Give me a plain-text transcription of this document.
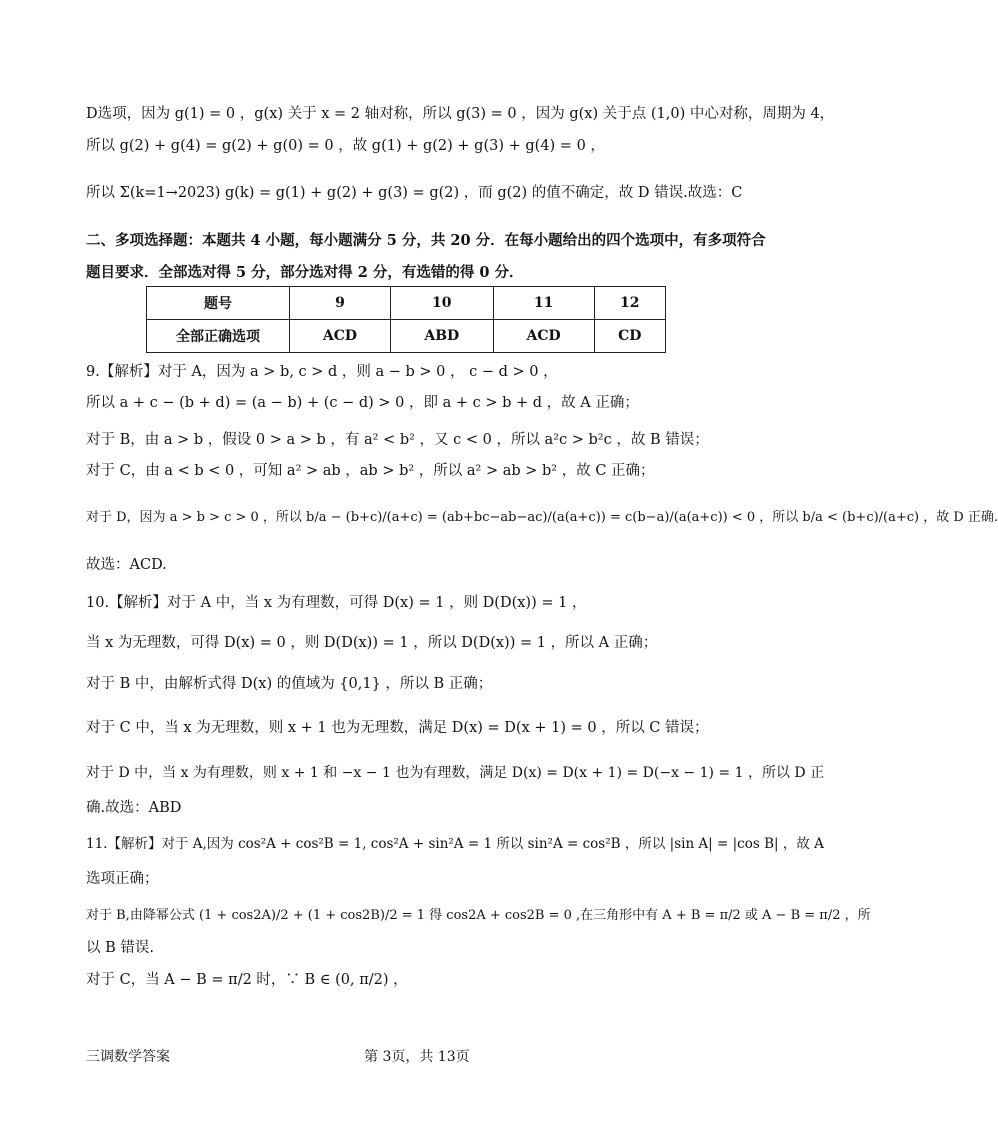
D选项，因为 g(1) = 0 ，g(x) 关于 x = 2 轴对称，所以 g(3) = 0 ，因为 g(x) 关于点 (1,0) 中心对称，周期为 4，
所以 g(2) + g(4) = g(2) + g(0) = 0 ，故 g(1) + g(2) + g(3) + g(4) = 0 ，
所以 Σ(k=1→2023) g(k) = g(1) + g(2) + g(3) = g(2) ，而 g(2) 的值不确定，故 D 错误.故选：C
二、多项选择题：本题共 4 小题，每小题满分 5 分，共 20 分．在每小题给出的四个选项中，有多项符合
题目要求．全部选对得 5 分，部分选对得 2 分，有选错的得 0 分．
题号	9	10	11	12
全部正确选项	ACD	ABD	ACD	CD
9.【解析】对于 A，因为 a > b, c > d ，则 a − b > 0 ， c − d > 0 ，
所以 a + c − (b + d) = (a − b) + (c − d) > 0 ，即 a + c > b + d ，故 A 正确；
对于 B，由 a > b ，假设 0 > a > b ，有 a² < b² ，又 c < 0 ，所以 a²c > b²c ，故 B 错误；
对于 C，由 a < b < 0 ，可知 a² > ab ，ab > b² ，所以 a² > ab > b² ，故 C 正确；
对于 D，因为 a > b > c > 0 ，所以 b/a − (b+c)/(a+c) = (ab+bc−ab−ac)/(a(a+c)) = c(b−a)/(a(a+c)) < 0 ，所以 b/a < (b+c)/(a+c) ，故 D 正确.
故选：ACD.
10.【解析】对于 A 中，当 x 为有理数，可得 D(x) = 1 ，则 D(D(x)) = 1 ，
当 x 为无理数，可得 D(x) = 0 ，则 D(D(x)) = 1 ，所以 D(D(x)) = 1 ，所以 A 正确；
对于 B 中，由解析式得 D(x) 的值域为 {0,1} ，所以 B 正确；
对于 C 中，当 x 为无理数，则 x + 1 也为无理数，满足 D(x) = D(x + 1) = 0 ，所以 C 错误；
对于 D 中，当 x 为有理数，则 x + 1 和 −x − 1 也为有理数，满足 D(x) = D(x + 1) = D(−x − 1) = 1 ，所以 D 正
确.故选：ABD
11.【解析】对于 A,因为 cos²A + cos²B = 1, cos²A + sin²A = 1 所以 sin²A = cos²B ，所以 |sin A| = |cos B| ，故 A
选项正确；
对于 B,由降幂公式 (1 + cos2A)/2 + (1 + cos2B)/2 = 1 得 cos2A + cos2B = 0 ,在三角形中有 A + B = π/2 或 A − B = π/2 ，所
以 B 错误.
对于 C，当 A − B = π/2 时，∵ B ∈ (0, π/2) ，
三调数学答案	第 3页，共 13页
